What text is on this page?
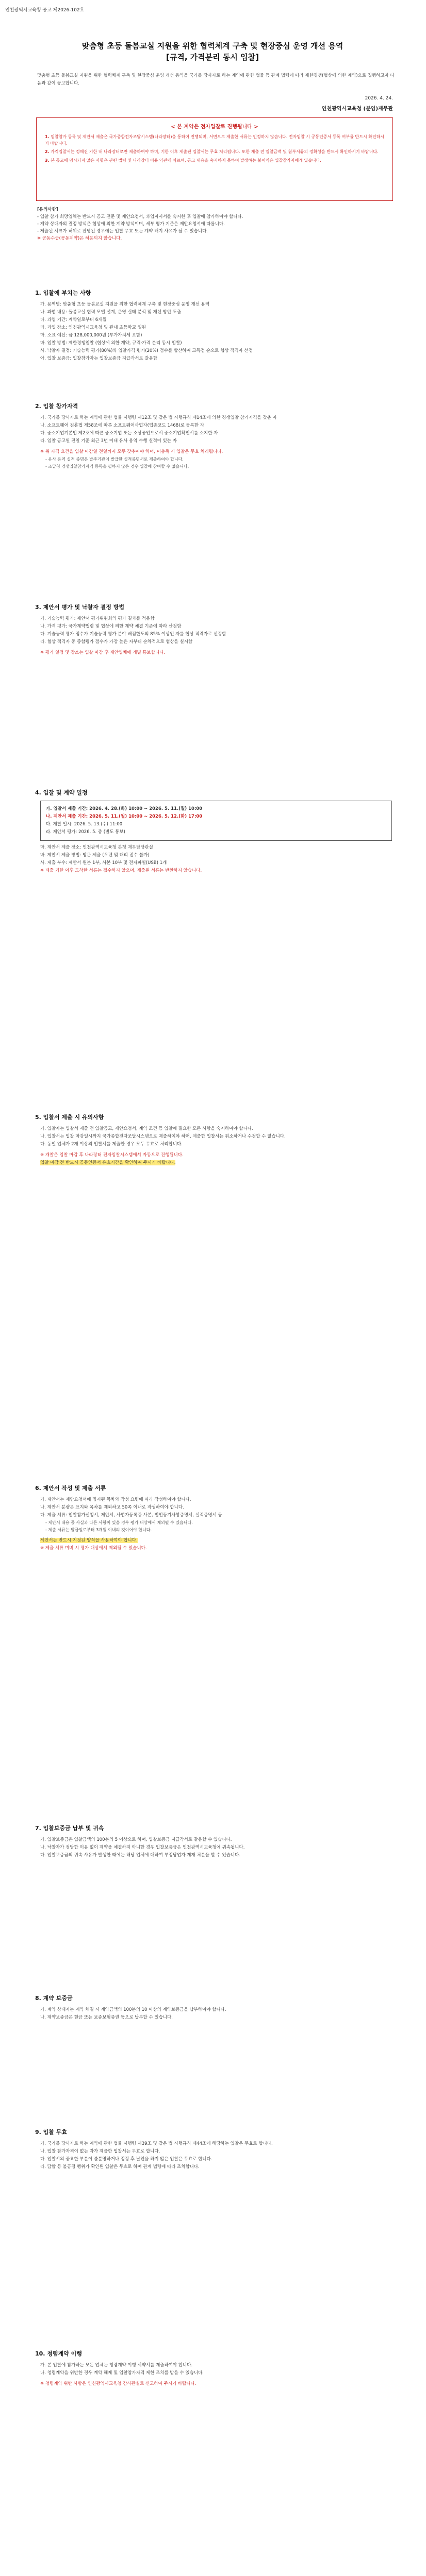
인천광역시교육청 공고 제2026-102호
맞춤형 초등 돌봄교실 지원을 위한 협력체계 구축 및 현장중심 운영 개선 용역
[규격, 가격분리 동시 입찰]
맞춤형 초등 돌봄교실 지원을 위한 협력체계 구축 및 현장중심 운영 개선 용역을 국가를 당사자로 하는 계약에 관한 법률 등 관계 법령에 따라 제한경쟁(협상에 의한 계약)으로 집행하고자 다음과 같이 공고합니다.
2026. 4. 24.
인천광역시교육청 (분임)재무관
< 본 계약은 전자입찰로 진행됩니다 >
1. 입찰참가 등록 및 제안서 제출은 국가종합전자조달시스템(나라장터)을 통하여 진행되며, 서면으로 제출한 서류는 인정하지 않습니다. 전자입찰 시 공동인증서 등록 여부를 반드시 확인하시기 바랍니다.
2. 가격입찰서는 정해진 기한 내 나라장터로만 제출하여야 하며, 기한 이후 제출된 입찰서는 무효 처리됩니다. 또한 제출 전 입찰금액 및 첨부서류의 정확성을 반드시 확인하시기 바랍니다.
3. 본 공고에 명시되지 않은 사항은 관련 법령 및 나라장터 이용 약관에 따르며, 공고 내용을 숙지하지 못하여 발생하는 불이익은 입찰참가자에게 있습니다.
[유의사항]
- 입찰 참가 희망업체는 반드시 공고 전문 및 제안요청서, 과업지시서를 숙지한 후 입찰에 참가하여야 합니다.
- 계약 상대자의 결정 방식은 협상에 의한 계약 방식이며, 세부 평가 기준은 제안요청서에 따릅니다.
- 제출된 서류가 허위로 판명된 경우에는 입찰 무효 또는 계약 해지 사유가 될 수 있습니다.
※ 공동수급(공동계약)은 허용되지 않습니다.
1. 입찰에 부치는 사항
가. 용역명: 맞춤형 초등 돌봄교실 지원을 위한 협력체계 구축 및 현장중심 운영 개선 용역
나. 과업 내용: 돌봄교실 협력 모델 설계, 운영 실태 분석 및 개선 방안 도출
다. 과업 기간: 계약일로부터 6개월
라. 과업 장소: 인천광역시교육청 및 관내 초등학교 일원
마. 소요 예산: 금 128,000,000원 (부가가치세 포함)
바. 입찰 방법: 제한경쟁입찰 (협상에 의한 계약, 규격·가격 분리 동시 입찰)
사. 낙찰자 결정: 기술능력 평가(80%)와 입찰가격 평가(20%) 점수를 합산하여 고득점 순으로 협상 적격자 선정
아. 입찰 보증금: 입찰참가자는 입찰보증금 지급각서로 갈음함
2. 입찰 참가자격
가. 국가를 당사자로 하는 계약에 관한 법률 시행령 제12조 및 같은 법 시행규칙 제14조에 의한 경쟁입찰 참가자격을 갖춘 자
나. 소프트웨어 진흥법 제58조에 따른 소프트웨어사업자(업종코드 1468)로 등록한 자
다. 중소기업기본법 제2조에 따른 중소기업 또는 소상공인으로서 중소기업확인서를 소지한 자
라. 입찰 공고일 전일 기준 최근 3년 이내 유사 용역 수행 실적이 있는 자
※ 위 자격 요건을 입찰 마감일 전일까지 모두 갖추어야 하며, 미충족 시 입찰은 무효 처리됩니다.
- 유사 용역 실적 증명은 발주기관이 발급한 실적증명서로 제출하여야 합니다.
- 조달청 경쟁입찰참가자격 등록을 필하지 않은 경우 입찰에 참여할 수 없습니다.
3. 제안서 평가 및 낙찰자 결정 방법
가. 기술능력 평가: 제안서 평가위원회의 평가 결과를 적용함
나. 가격 평가: 국가계약법령 및 협상에 의한 계약 체결 기준에 따라 산정함
다. 기술능력 평가 점수가 기술능력 평가 분야 배점한도의 85% 이상인 자를 협상 적격자로 선정함
라. 협상 적격자 중 종합평가 점수가 가장 높은 자부터 순차적으로 협상을 실시함
※ 평가 일정 및 장소는 입찰 마감 후 제안업체에 개별 통보합니다.
4. 입찰 및 계약 일정
가. 입찰서 제출 기간: 2026. 4. 28.(화) 10:00 ~ 2026. 5. 11.(월) 10:00
나. 제안서 제출 기간: 2026. 5. 11.(월) 10:00 ~ 2026. 5. 12.(화) 17:00
다. 개찰 일시: 2026. 5. 13.(수) 11:00
라. 제안서 평가: 2026. 5. 중 (별도 통보)
마. 제안서 제출 장소: 인천광역시교육청 본청 재무담당관실
바. 제안서 제출 방법: 방문 제출 (우편 및 대리 접수 불가)
사. 제출 부수: 제안서 원본 1부, 사본 10부 및 전자파일(USB) 1개
※ 제출 기한 이후 도착한 서류는 접수하지 않으며, 제출된 서류는 반환하지 않습니다.
5. 입찰서 제출 시 유의사항
가. 입찰자는 입찰서 제출 전 입찰공고, 제안요청서, 계약 조건 등 입찰에 필요한 모든 사항을 숙지하여야 합니다.
나. 입찰서는 입찰 마감일시까지 국가종합전자조달시스템으로 제출하여야 하며, 제출한 입찰서는 취소하거나 수정할 수 없습니다.
다. 동일 업체가 2개 이상의 입찰서를 제출한 경우 모두 무효로 처리합니다.
※ 개찰은 입찰 마감 후 나라장터 전자입찰시스템에서 자동으로 진행됩니다.
입찰 마감 전 반드시 공동인증서 유효기간을 확인하여 주시기 바랍니다.
6. 제안서 작성 및 제출 서류
가. 제안서는 제안요청서에 명시된 목차와 작성 요령에 따라 작성하여야 합니다.
나. 제안서 분량은 표지와 목차를 제외하고 50쪽 이내로 작성하여야 합니다.
다. 제출 서류: 입찰참가신청서, 제안서, 사업자등록증 사본, 법인등기사항증명서, 실적증명서 등
- 제안서 내용 중 사실과 다른 사항이 있을 경우 평가 대상에서 제외될 수 있습니다.
- 제출 서류는 발급일로부터 3개월 이내의 것이어야 합니다.
제안서는 반드시 지정된 양식을 사용하여야 합니다.
※ 제출 서류 미비 시 평가 대상에서 제외될 수 있습니다.
7. 입찰보증금 납부 및 귀속
가. 입찰보증금은 입찰금액의 100분의 5 이상으로 하며, 입찰보증금 지급각서로 갈음할 수 있습니다.
나. 낙찰자가 정당한 이유 없이 계약을 체결하지 아니한 경우 입찰보증금은 인천광역시교육청에 귀속됩니다.
다. 입찰보증금의 귀속 사유가 발생한 때에는 해당 업체에 대하여 부정당업자 제재 처분을 할 수 있습니다.
8. 계약 보증금
가. 계약 상대자는 계약 체결 시 계약금액의 100분의 10 이상의 계약보증금을 납부하여야 합니다.
나. 계약보증금은 현금 또는 보증보험증권 등으로 납부할 수 있습니다.
9. 입찰 무효
가. 국가를 당사자로 하는 계약에 관한 법률 시행령 제39조 및 같은 법 시행규칙 제44조에 해당하는 입찰은 무효로 합니다.
나. 입찰 참가자격이 없는 자가 제출한 입찰서는 무효로 합니다.
다. 입찰서의 중요한 부분이 불분명하거나 정정 후 날인을 하지 않은 입찰은 무효로 합니다.
라. 담합 등 불공정 행위가 확인된 입찰은 무효로 하며 관계 법령에 따라 조치합니다.
10. 청렴계약 이행
가. 본 입찰에 참가하는 모든 업체는 청렴계약 이행 서약서를 제출하여야 합니다.
나. 청렴계약을 위반한 경우 계약 해제 및 입찰참가자격 제한 조치를 받을 수 있습니다.
※ 청렴계약 위반 사항은 인천광역시교육청 감사관실로 신고하여 주시기 바랍니다.
